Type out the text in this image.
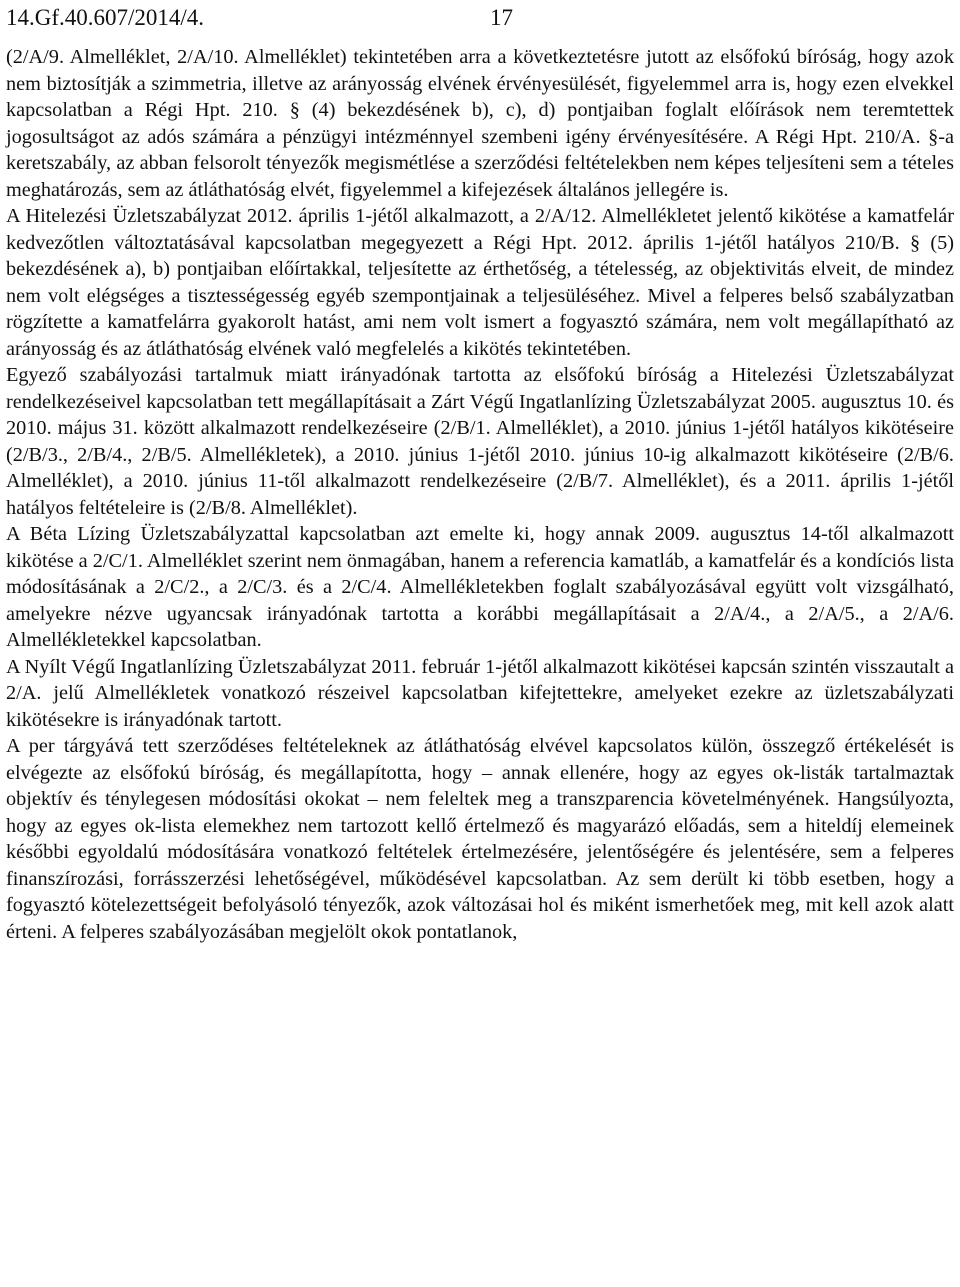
14.Gf.40.607/2014/4.	17

(2/A/9. Almelléklet, 2/A/10. Almelléklet) tekintetében arra a következtetésre jutott az elsőfokú bíróság, hogy azok nem biztosítják a szimmetria, illetve az arányosság elvének érvényesülését, figyelemmel arra is, hogy ezen elvekkel kapcsolatban a Régi Hpt. 210. § (4) bekezdésének b), c), d) pontjaiban foglalt előírások nem teremtettek jogosultságot az adós számára a pénzügyi intézménnyel szembeni igény érvényesítésére. A Régi Hpt. 210/A. §-a keretszabály, az abban felsorolt tényezők megismétlése a szerződési feltételekben nem képes teljesíteni sem a tételes meghatározás, sem az átláthatóság elvét, figyelemmel a kifejezések általános jellegére is.

A Hitelezési Üzletszabályzat 2012. április 1-jétől alkalmazott, a 2/A/12. Almellékletet jelentő kikötése a kamatfelár kedvezőtlen változtatásával kapcsolatban megegyezett a Régi Hpt. 2012. április 1-jétől hatályos 210/B. § (5) bekezdésének a), b) pontjaiban előírtakkal, teljesítette az érthetőség, a tételesség, az objektivitás elveit, de mindez nem volt elégséges a tisztességesség egyéb szempontjainak a teljesüléséhez. Mivel a felperes belső szabályzatban rögzítette a kamatfelárra gyakorolt hatást, ami nem volt ismert a fogyasztó számára, nem volt megállapítható az arányosság és az átláthatóság elvének való megfelelés a kikötés tekintetében.

Egyező szabályozási tartalmuk miatt irányadónak tartotta az elsőfokú bíróság a Hitelezési Üzletszabályzat rendelkezéseivel kapcsolatban tett megállapításait a Zárt Végű Ingatlanlízing Üzletszabályzat 2005. augusztus 10. és 2010. május 31. között alkalmazott rendelkezéseire (2/B/1. Almelléklet), a 2010. június 1-jétől hatályos kikötéseire (2/B/3., 2/B/4., 2/B/5. Almellékletek), a 2010. június 1-jétől 2010. június 10-ig alkalmazott kikötéseire (2/B/6. Almelléklet), a 2010. június 11-től alkalmazott rendelkezéseire (2/B/7. Almelléklet), és a 2011. április 1-jétől hatályos feltételeire is (2/B/8. Almelléklet).

A Béta Lízing Üzletszabályzattal kapcsolatban azt emelte ki, hogy annak 2009. augusztus 14-től alkalmazott kikötése a 2/C/1. Almelléklet szerint nem önmagában, hanem a referencia kamatláb, a kamatfelár és a kondíciós lista módosításának a 2/C/2., a 2/C/3. és a 2/C/4. Almellékletekben foglalt szabályozásával együtt volt vizsgálható, amelyekre nézve ugyancsak irányadónak tartotta a korábbi megállapításait a 2/A/4., a 2/A/5., a 2/A/6. Almellékletekkel kapcsolatban.

A Nyílt Végű Ingatlanlízing Üzletszabályzat 2011. február 1-jétől alkalmazott kikötései kapcsán szintén visszautalt a 2/A. jelű Almellékletek vonatkozó részeivel kapcsolatban kifejtettekre, amelyeket ezekre az üzletszabályzati kikötésekre is irányadónak tartott.

A per tárgyává tett szerződéses feltételeknek az átláthatóság elvével kapcsolatos külön, összegző értékelését is elvégezte az elsőfokú bíróság, és megállapította, hogy – annak ellenére, hogy az egyes ok-listák tartalmaztak objektív és ténylegesen módosítási okokat – nem feleltek meg a transzparencia követelményének. Hangsúlyozta, hogy az egyes ok-lista elemekhez nem tartozott kellő értelmező és magyarázó előadás, sem a hiteldíj elemeinek későbbi egyoldalú módosítására vonatkozó feltételek értelmezésére, jelentőségére és jelentésére, sem a felperes finanszírozási, forrásszerzési lehetőségével, működésével kapcsolatban. Az sem derült ki több esetben, hogy a fogyasztó kötelezettségeit befolyásoló tényezők, azok változásai hol és miként ismerhetőek meg, mit kell azok alatt érteni. A felperes szabályozásában megjelölt okok pontatlanok,
